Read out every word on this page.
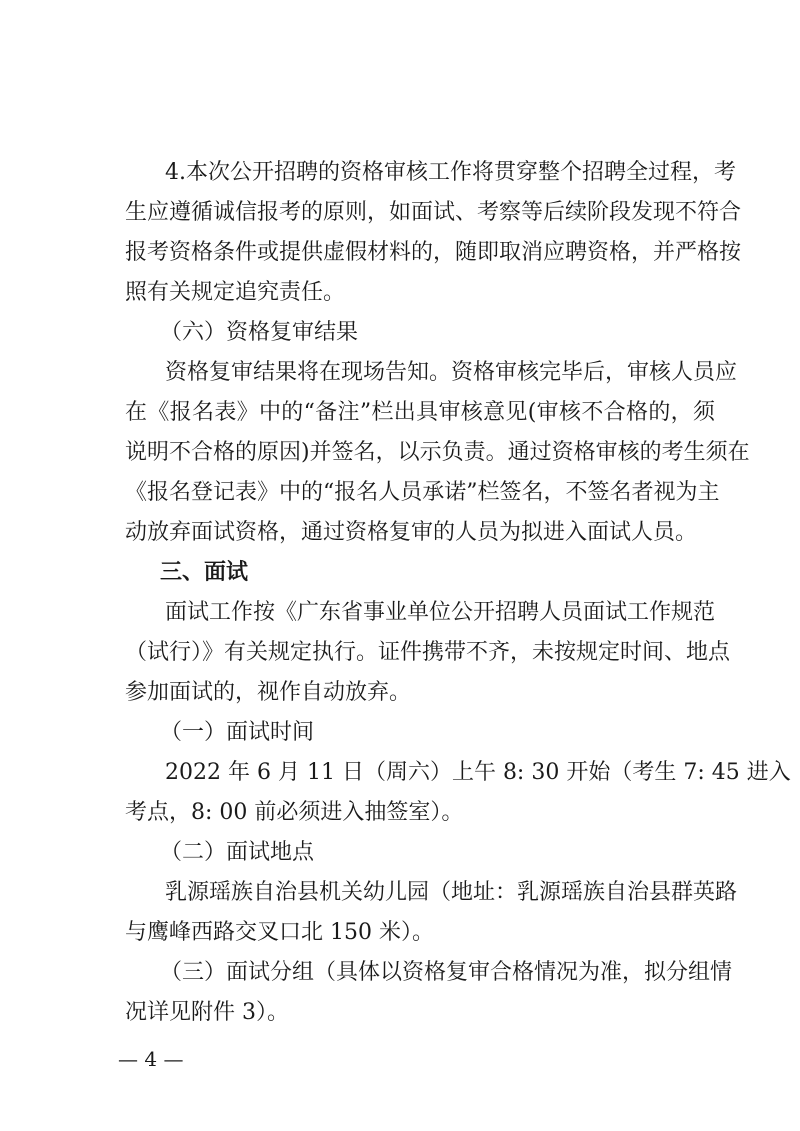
4.本次公开招聘的资格审核工作将贯穿整个招聘全过程，考
生应遵循诚信报考的原则，如面试、考察等后续阶段发现不符合
报考资格条件或提供虚假材料的，随即取消应聘资格，并严格按
照有关规定追究责任。
（六）资格复审结果
资格复审结果将在现场告知。资格审核完毕后，审核人员应
在《报名表》中的“备注”栏出具审核意见(审核不合格的，须
说明不合格的原因)并签名，以示负责。通过资格审核的考生须在
《报名登记表》中的“报名人员承诺”栏签名，不签名者视为主
动放弃面试资格，通过资格复审的人员为拟进入面试人员。
三、面试
面试工作按《广东省事业单位公开招聘人员面试工作规范
（试行）》有关规定执行。证件携带不齐，未按规定时间、地点
参加面试的，视作自动放弃。
（一）面试时间
2022 年 6 月 11 日（周六）上午 8: 30 开始（考生 7: 45 进入
考点，8: 00 前必须进入抽签室）。
（二）面试地点
乳源瑶族自治县机关幼儿园（地址：乳源瑶族自治县群英路
与鹰峰西路交叉口北 150 米）。
（三）面试分组（具体以资格复审合格情况为准，拟分组情
况详见附件 3）。
— 4 —
